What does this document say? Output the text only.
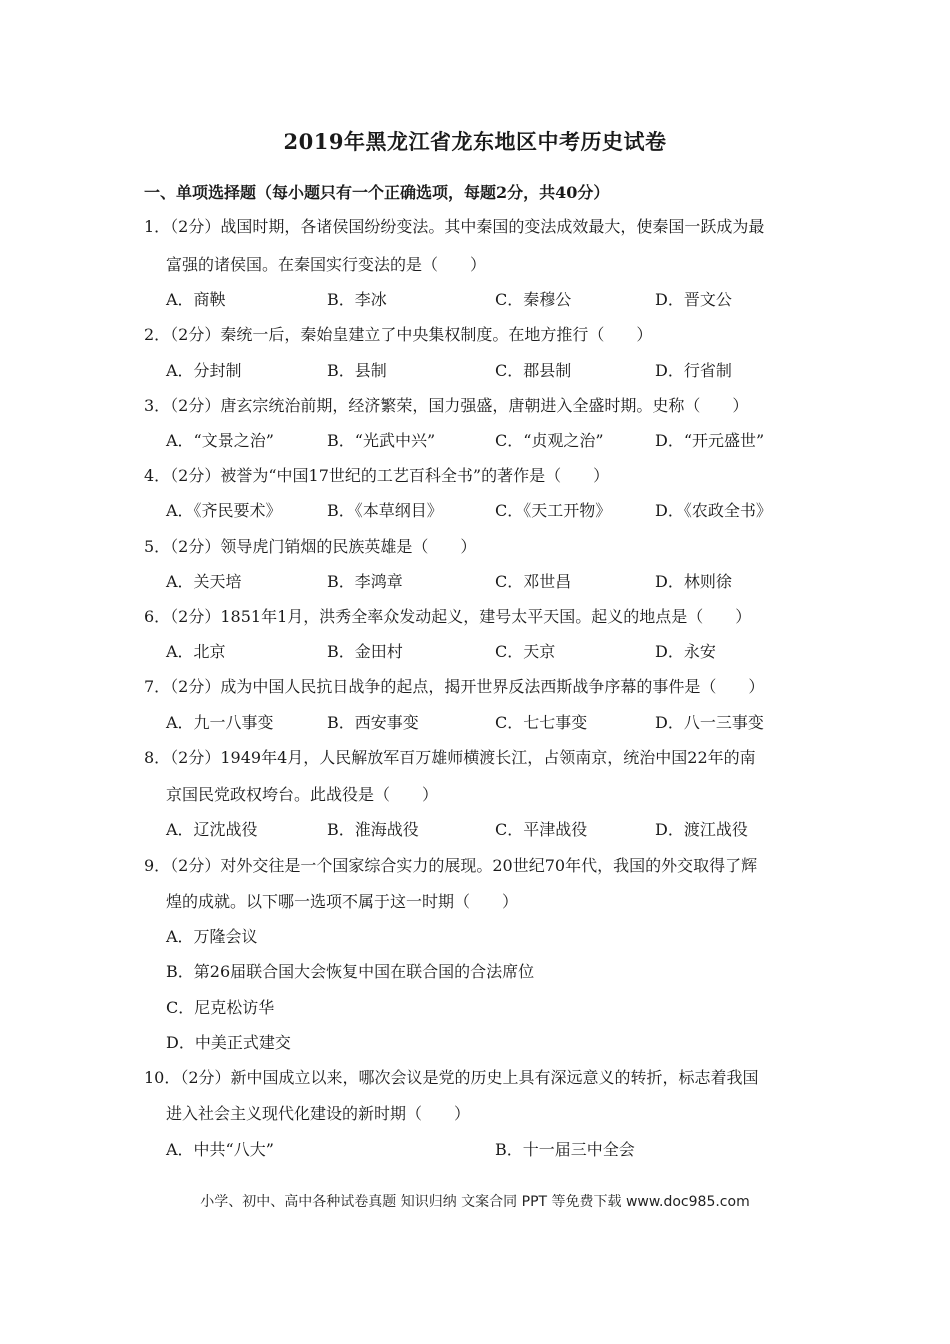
2019年黑龙江省龙东地区中考历史试卷
一、单项选择题（每小题只有一个正确选项，每题2分，共40分）
1．（2分）战国时期，各诸侯国纷纷变法。其中秦国的变法成效最大，使秦国一跃成为最
富强的诸侯国。在秦国实行变法的是（　　）
A．商鞅	B．李冰	C．秦穆公	D．晋文公
2．（2分）秦统一后，秦始皇建立了中央集权制度。在地方推行（　　）
A．分封制	B．县制	C．郡县制	D．行省制
3．（2分）唐玄宗统治前期，经济繁荣，国力强盛，唐朝进入全盛时期。史称（　　）
A．“文景之治”	B．“光武中兴”	C．“贞观之治”	D．“开元盛世”
4．（2分）被誉为“中国17世纪的工艺百科全书”的著作是（　　）
A．《齐民要术》	B．《本草纲目》	C．《天工开物》	D．《农政全书》
5．（2分）领导虎门销烟的民族英雄是（　　）
A．关天培	B．李鸿章	C．邓世昌	D．林则徐
6．（2分）1851年1月，洪秀全率众发动起义，建号太平天国。起义的地点是（　　）
A．北京	B．金田村	C．天京	D．永安
7．（2分）成为中国人民抗日战争的起点，揭开世界反法西斯战争序幕的事件是（　　）
A．九一八事变	B．西安事变	C．七七事变	D．八一三事变
8．（2分）1949年4月，人民解放军百万雄师横渡长江，占领南京，统治中国22年的南
京国民党政权垮台。此战役是（　　）
A．辽沈战役	B．淮海战役	C．平津战役	D．渡江战役
9．（2分）对外交往是一个国家综合实力的展现。20世纪70年代，我国的外交取得了辉
煌的成就。以下哪一选项不属于这一时期（　　）
A．万隆会议
B．第26届联合国大会恢复中国在联合国的合法席位
C．尼克松访华
D．中美正式建交
10．（2分）新中国成立以来，哪次会议是党的历史上具有深远意义的转折，标志着我国
进入社会主义现代化建设的新时期（　　）
A．中共“八大”	B．十一届三中全会
小学、初中、高中各种试卷真题 知识归纳 文案合同 PPT 等免费下载 www.doc985.com
